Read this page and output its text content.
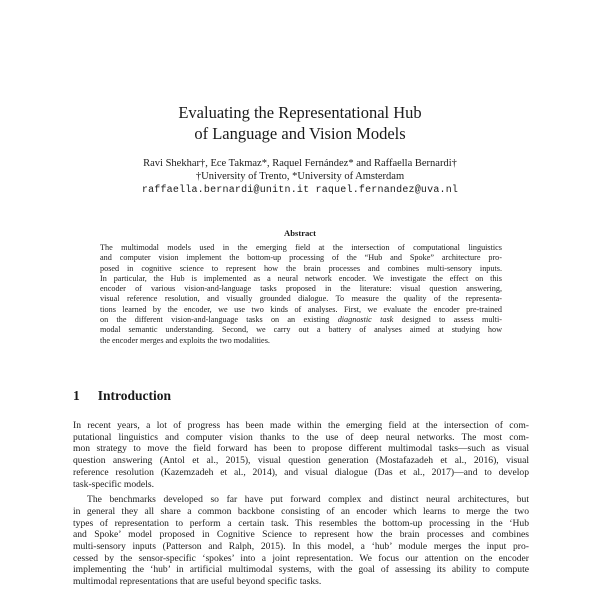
Evaluating the Representational Hub
of Language and Vision Models
Ravi Shekhar†, Ece Takmaz*, Raquel Fernández* and Raffaella Bernardi†
†University of Trento, *University of Amsterdam
raffaella.bernardi@unitn.it raquel.fernandez@uva.nl
Abstract
The multimodal models used in the emerging field at the intersection of computational linguistics
and computer vision implement the bottom-up processing of the “Hub and Spoke” architecture pro-
posed in cognitive science to represent how the brain processes and combines multi-sensory inputs.
In particular, the Hub is implemented as a neural network encoder. We investigate the effect on this
encoder of various vision-and-language tasks proposed in the literature: visual question answering,
visual reference resolution, and visually grounded dialogue. To measure the quality of the representa-
tions learned by the encoder, we use two kinds of analyses. First, we evaluate the encoder pre-trained
on the different vision-and-language tasks on an existing diagnostic task designed to assess multi-
modal semantic understanding. Second, we carry out a battery of analyses aimed at studying how
the encoder merges and exploits the two modalities.
1 Introduction
In recent years, a lot of progress has been made within the emerging field at the intersection of com-
putational linguistics and computer vision thanks to the use of deep neural networks. The most com-
mon strategy to move the field forward has been to propose different multimodal tasks—such as visual
question answering (Antol et al., 2015), visual question generation (Mostafazadeh et al., 2016), visual
reference resolution (Kazemzadeh et al., 2014), and visual dialogue (Das et al., 2017)—and to develop
task-specific models.
The benchmarks developed so far have put forward complex and distinct neural architectures, but
in general they all share a common backbone consisting of an encoder which learns to merge the two
types of representation to perform a certain task. This resembles the bottom-up processing in the ‘Hub
and Spoke’ model proposed in Cognitive Science to represent how the brain processes and combines
multi-sensory inputs (Patterson and Ralph, 2015). In this model, a ‘hub’ module merges the input pro-
cessed by the sensor-specific ‘spokes’ into a joint representation. We focus our attention on the encoder
implementing the ‘hub’ in artificial multimodal systems, with the goal of assessing its ability to compute
multimodal representations that are useful beyond specific tasks.
